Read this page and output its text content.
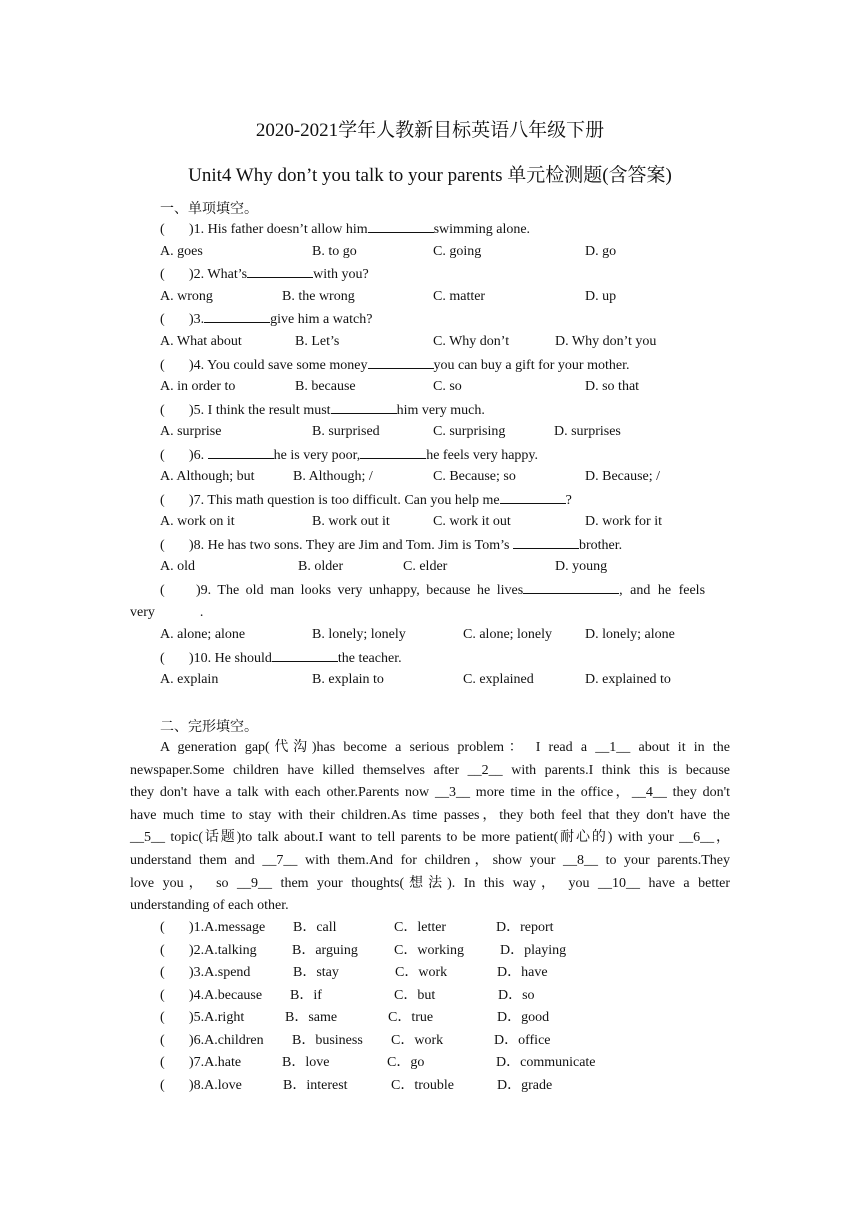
2020-2021学年人教新目标英语八年级下册
Unit4 Why don’t you talk to your parents 单元检测题(含答案)
一、单项填空。
( )1. His father doesn’t allow him	swimming alone.
A. goes	B. to go	C. going	D. go
( )2. What’s	with you?
A. wrong	B. the wrong	C. matter	D. up
( )3.	give him a watch?
A. What about	B. Let’s	C. Why don’t	D. Why don’t you
( )4. You could save some money	you can buy a gift for your mother.
A. in order to	B. because	C. so	D. so that
( )5. I think the result must	him very much.
A. surprise	B. surprised	C. surprising	D. surprises
( )6.	he is very poor,	he feels very happy.
A. Although; but	B. Although; /	C. Because; so	D. Because; /
( )7. This math question is too difficult. Can you help me	?
A. work on it	B. work out it	C. work it out	D. work for it
( )8. He has two sons. They are Jim and Tom. Jim is Tom’s	brother.
A. old	B. older	C. elder	D. young
( )9. The old man looks very unhappy, because he lives	, and he feels
very	.
A. alone; alone	B. lonely; lonely	C. alone; lonely D. lonely; alone
( )10. He should	the teacher.
A. explain	B. explain to	C. explained	D. explained to
二、完形填空。
A generation gap(代沟)has become a serious problem： I read a __1__ about it in the
newspaper.Some children have killed themselves after __2__ with parents.I think this is because
they don't have a talk with each other.Parents now __3__ more time in the office，__4__ they don't
have much time to stay with their children.As time passes，they both feel that they don't have the
__5__ topic(话题)to talk about.I want to tell parents to be more patient(耐心的) with your __6__，
understand them and __7__ with them.And for children，show your __8__ to your parents.They
love you， so __9__ them your thoughts(想法). In this way， you __10__ have a better
understanding of each other.
( )1.A.message B．call	C．letter	D．report
( )2.A.talking	B．arguing	C．working	D．playing
( )3.A.spend	B．stay	C．work	D．have
( )4.A.because B．if	C．but	D．so
( )5.A.right	B．same	C．true	D．good
( )6.A.children B．business C．work	D．office
( )7.A.hate	B．love	C．go	D．communicate
( )8.A.love	B．interest	C．trouble	D．grade
